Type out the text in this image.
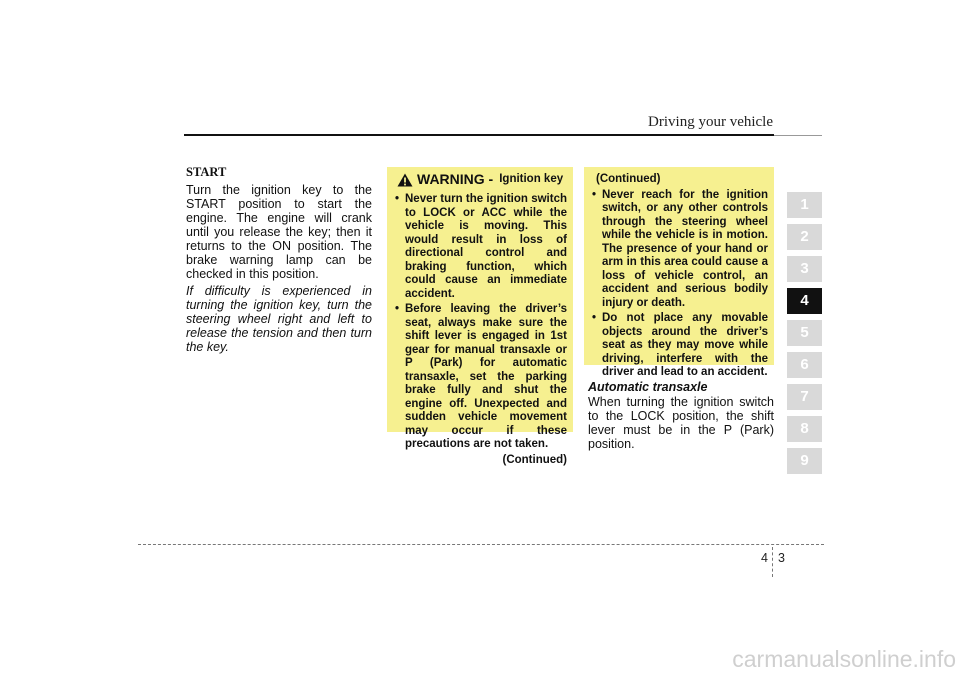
Driving your vehicle
START

Turn the ignition key to the START position to start the engine. The engine will crank until you release the key; then it returns to the ON position. The brake warning lamp can be checked in this position.

If difficulty is experienced in turning the ignition key, turn the steering wheel right and left to release the tension and then turn the key.

WARNING - Ignition key
• Never turn the ignition switch to LOCK or ACC while the vehicle is moving. This would result in loss of directional control and braking function, which could cause an immediate accident.
• Before leaving the driver’s seat, always make sure the shift lever is engaged in 1st gear for manual transaxle or P (Park) for automatic transaxle, set the parking brake fully and shut the engine off. Unexpected and sudden vehicle movement may occur if these precautions are not taken.
(Continued)
(Continued)
• Never reach for the ignition switch, or any other controls through the steering wheel while the vehicle is in motion. The presence of your hand or arm in this area could cause a loss of vehicle control, an accident and serious bodily injury or death.
• Do not place any movable objects around the driver’s seat as they may move while driving, interfere with the driver and lead to an accident.
Automatic transaxle

When turning the ignition switch to the LOCK position, the shift lever must be in the P (Park) position.

1
2
3
4
5
6
7
8
9
4 3
carmanualsonline.info
